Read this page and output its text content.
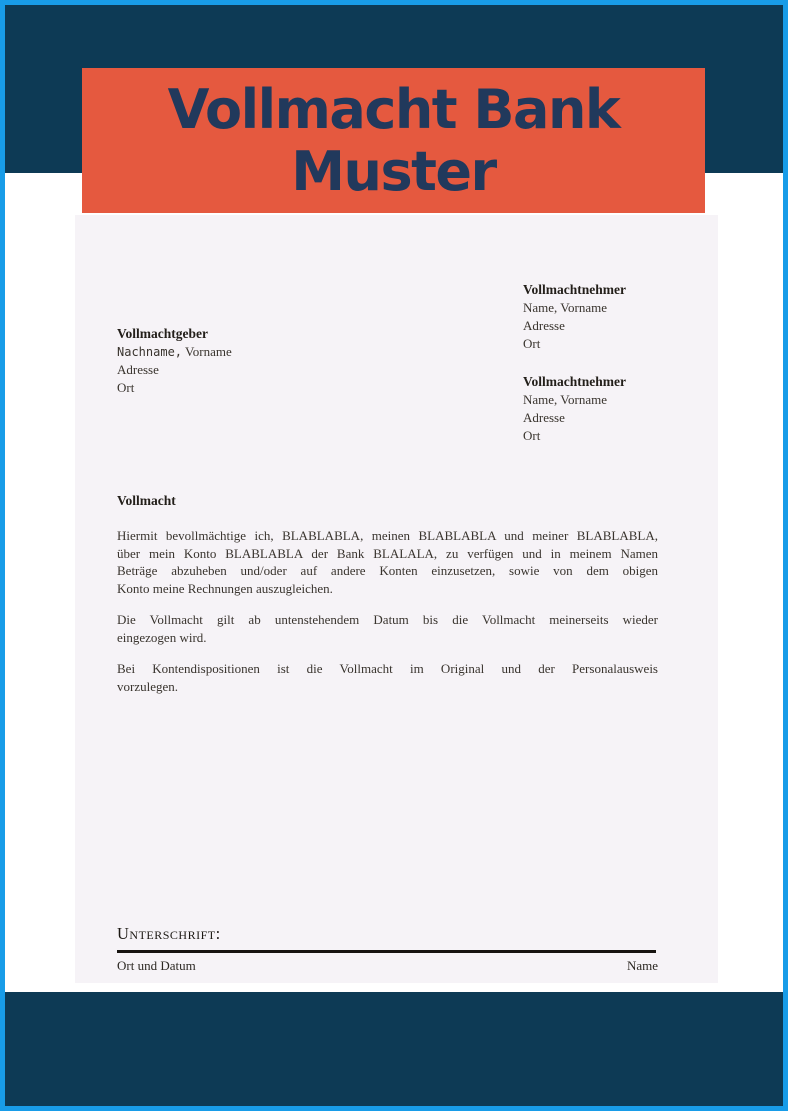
Vollmacht Bank
Muster
Vollmachtgeber
Nachname, Vorname
Adresse
Ort
Vollmachtnehmer
Name, Vorname
Adresse
Ort
Vollmachtnehmer
Name, Vorname
Adresse
Ort
Vollmacht
Hiermit bevollmächtige ich, BLABLABLA, meinen BLABLABLA und meiner BLABLABLA,
über mein Konto BLABLABLA der Bank BLALALA, zu verfügen und in meinem Namen
Beträge abzuheben und/oder auf andere Konten einzusetzen, sowie von dem obigen
Konto meine Rechnungen auszugleichen.
Die Vollmacht gilt ab untenstehendem Datum bis die Vollmacht meinerseits wieder
eingezogen wird.
Bei Kontendispositionen ist die Vollmacht im Original und der Personalausweis
vorzulegen.
Unterschrift:
Ort und Datum	Name
